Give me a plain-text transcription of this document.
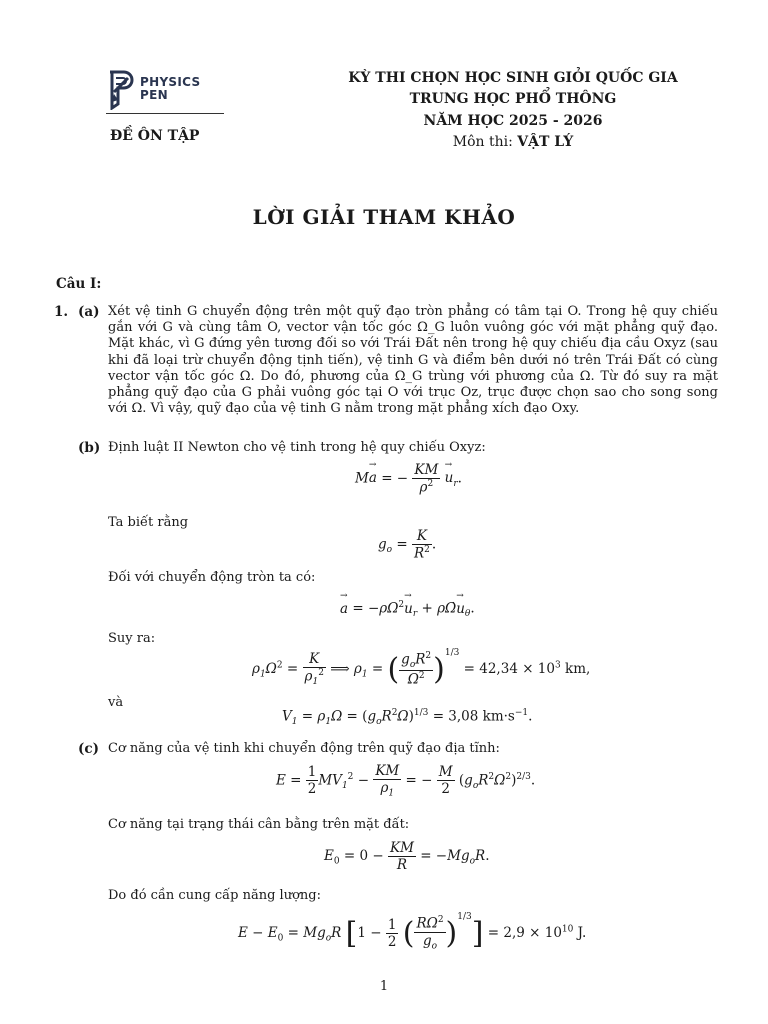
PHYSICS
PEN
ĐỀ ÔN TẬP
KỲ THI CHỌN HỌC SINH GIỎI QUỐC GIA
TRUNG HỌC PHỔ THÔNG
NĂM HỌC 2025 - 2026
Môn thi: VẬT LÝ
LỜI GIẢI THAM KHẢO
Câu I:
1. (a) Xét vệ tinh G chuyển động trên một quỹ đạo tròn phẳng có tâm tại O. Trong hệ quy chiếu gắn với G và cùng tâm O, vector vận tốc góc Ω_G luôn vuông góc với mặt phẳng quỹ đạo. Mặt khác, vì G đứng yên tương đối so với Trái Đất nên trong hệ quy chiếu địa cầu Oxyz (sau khi đã loại trừ chuyển động tịnh tiến), vệ tinh G và điểm bên dưới nó trên Trái Đất có cùng vector vận tốc góc Ω. Do đó, phương của Ω_G trùng với phương của Ω. Từ đó suy ra mặt phẳng quỹ đạo của G phải vuông góc tại O với trục Oz, trục được chọn sao cho song song với Ω. Vì vậy, quỹ đạo của vệ tinh G nằm trong mặt phẳng xích đạo Oxy.
(b) Định luật II Newton cho vệ tinh trong hệ quy chiếu Oxyz:
M→ a = − $\frac{KM}{\rho^2}$
→ $u_r$.
Ta biết rằng
$g_o = \frac{K}{R^2}$ .
Đối với chuyển động tròn ta có:
→ $a = -\rho\Omega^2\to u_r$ + ρΩ̇→ $u_\theta$.
Suy ra:
$\rho_1\Omega^2 = \frac{K}{\rho_1^2}$ ⟹ $\rho_1$ = ( $\frac{g_oR^2}{\Omega^2} )^{1/3} = 42,34 \times 10^3$ km,
và
$V_1 = \rho_1\Omega = (g_oR^2\Omega)^{1/3} = 3,08$ $km\cdot s^{-1}$.
(c) Cơ năng của vệ tinh khi chuyển động trên quỹ đạo địa tĩnh:
$E = \frac{1}{2} MV_1^2 - \frac{KM}{\rho_1}$ = − $\frac{M}{2} (g_oR^2\Omega^2)^{2/3}$.
Cơ năng tại trạng thái cân bằng trên mặt đất:
$E_0 = 0 - \frac{KM}{R} = -Mg_oR$.
Do đó cần cung cấp năng lượng:
$E - E_0 = Mg_oR$ [$1 - \frac{1}{2}$ ( $\frac{R\Omega^2}{g_o} )^{1/3}] = 2,9 \times 10^{10}$ J.
1
